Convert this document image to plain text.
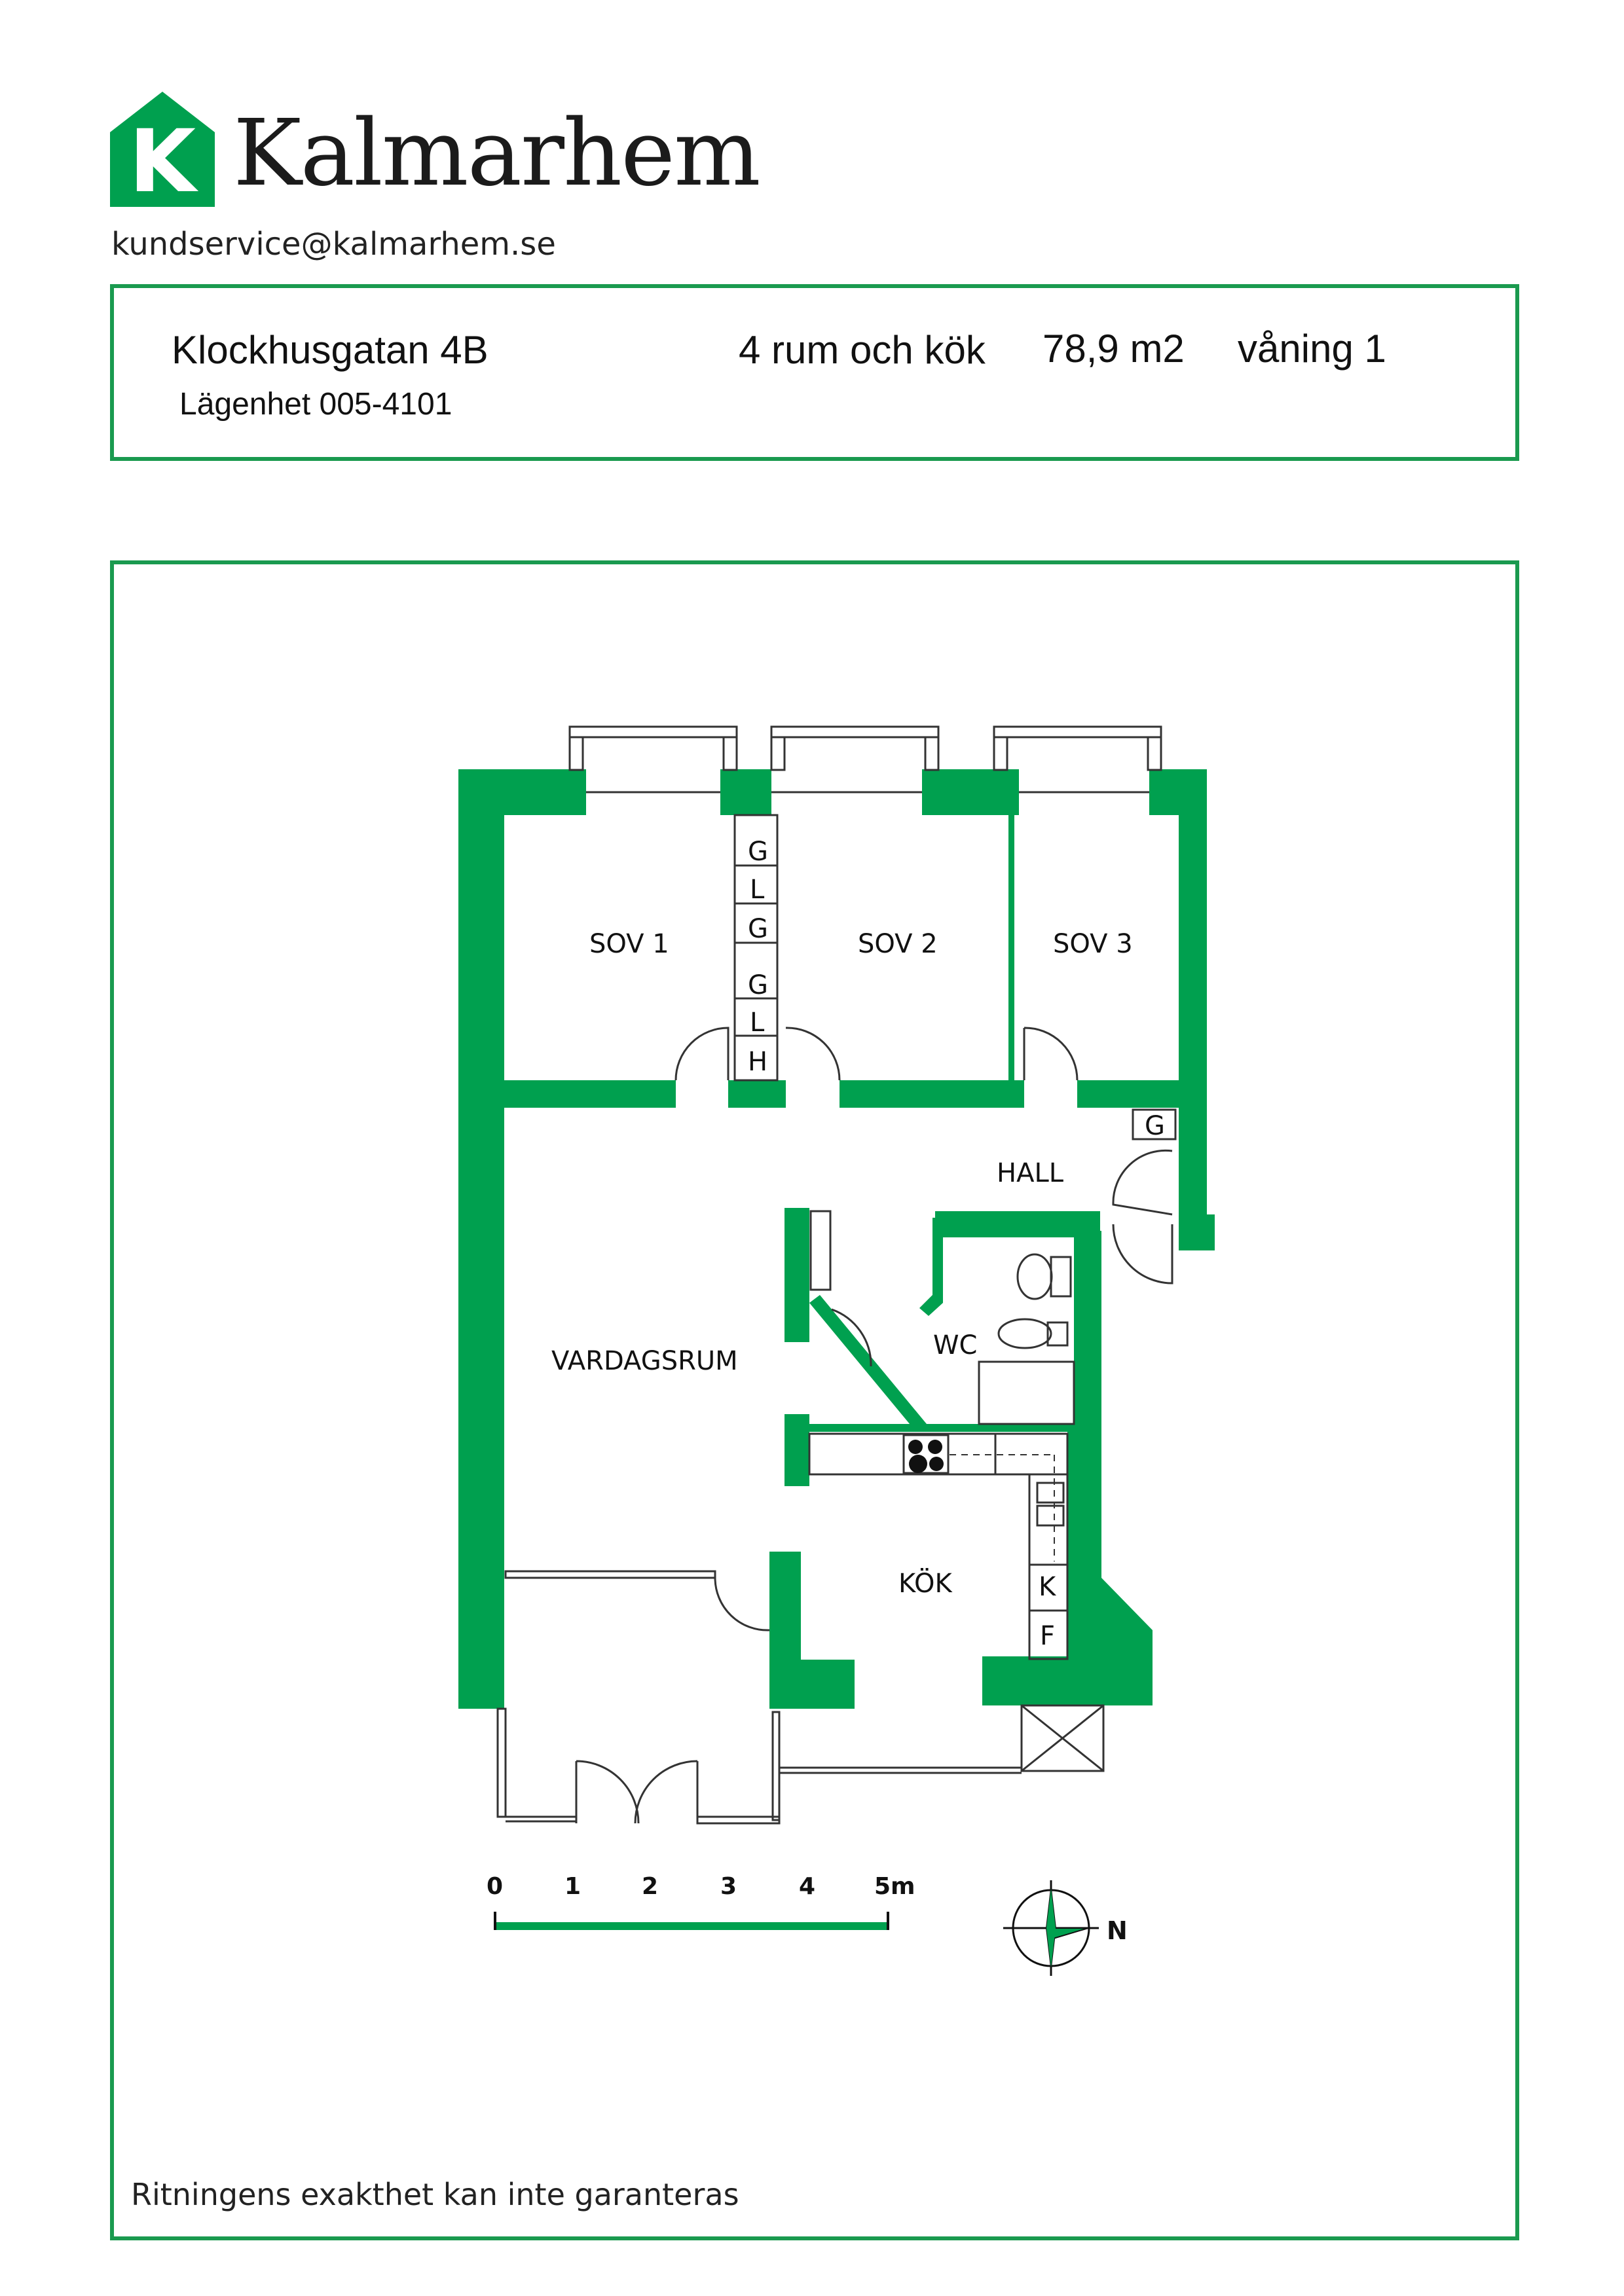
K Kalmarhem
kundservice@kalmarhem.se
Klockhusgatan 4B
Lägenhet 005-4101
4 rum och kök 78,9 m2 våning 1
SOV 1	SOV 2	SOV 3
HALL
VARDAGSRUM
WC
KÖK
G
L
G
G
L
H
G
K
F
0	1	2	3	4 5m
N
Ritningens exakthet kan inte garanteras
